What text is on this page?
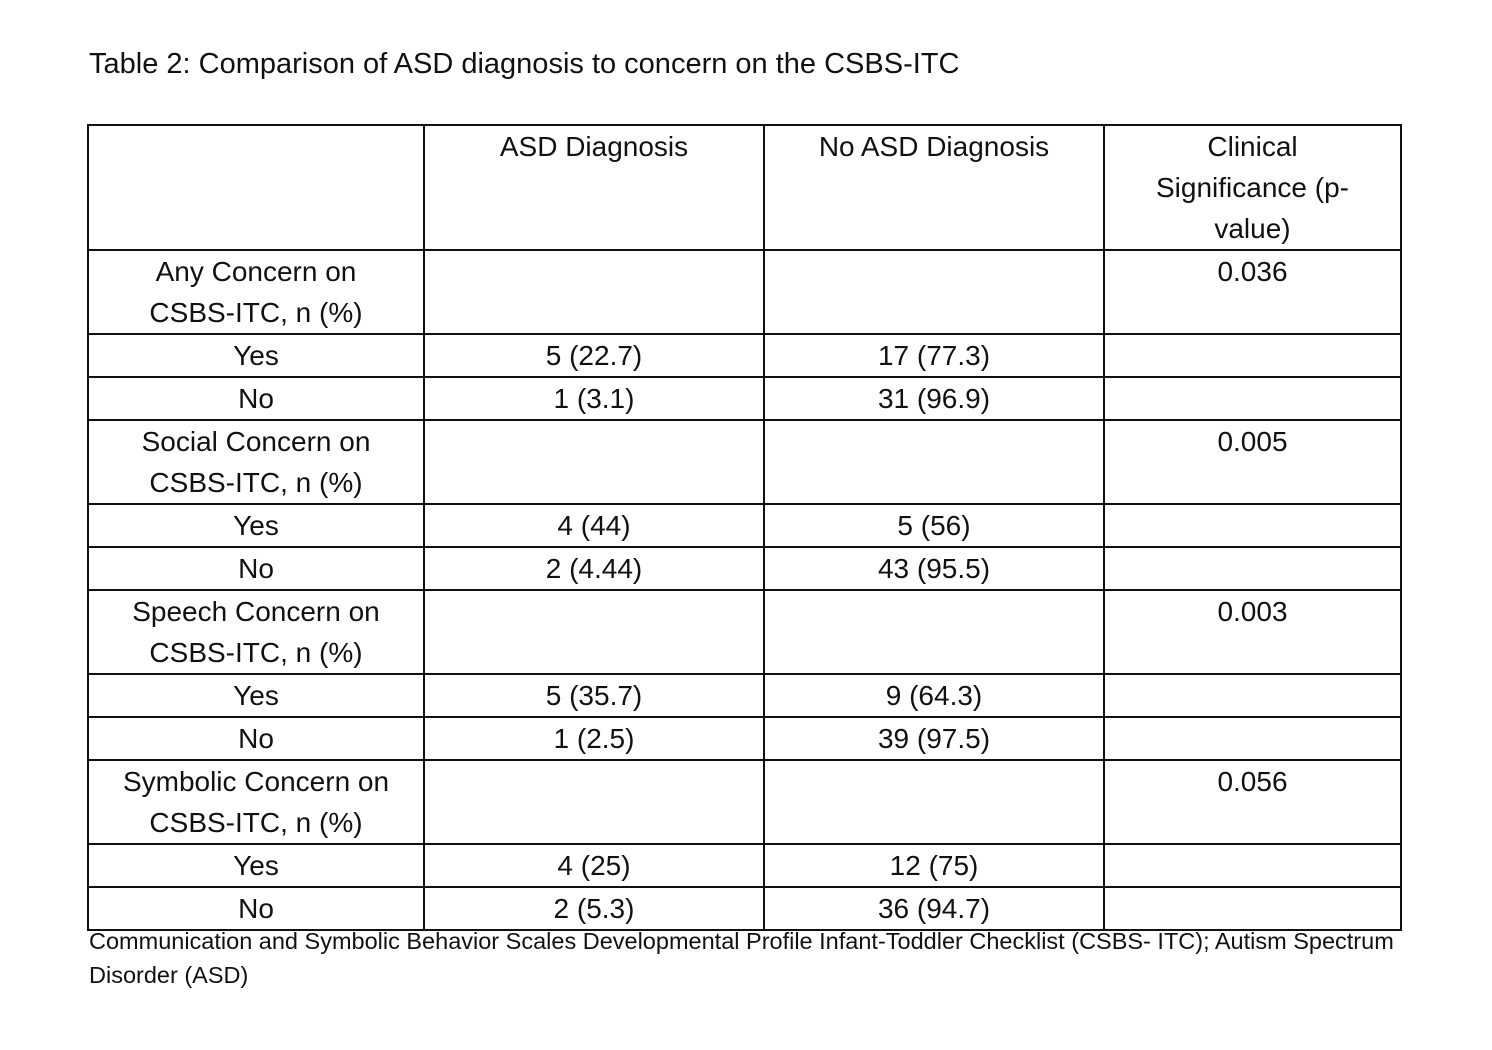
Table 2: Comparison of ASD diagnosis to concern on the CSBS-ITC
	ASD Diagnosis	No ASD Diagnosis	Clinical Significance (p-value)
Any Concern on CSBS-ITC, n (%)			0.036
Yes	5 (22.7)	17 (77.3)	
No	1 (3.1)	31 (96.9)	
Social Concern on CSBS-ITC, n (%)			0.005
Yes	4 (44)	5 (56)	
No	2 (4.44)	43 (95.5)	
Speech Concern on CSBS-ITC, n (%)			0.003
Yes	5 (35.7)	9 (64.3)	
No	1 (2.5)	39 (97.5)	
Symbolic Concern on CSBS-ITC, n (%)			0.056
Yes	4 (25)	12 (75)	
No	2 (5.3)	36 (94.7)	
Communication and Symbolic Behavior Scales Developmental Profile Infant-Toddler Checklist (CSBS- ITC); Autism Spectrum Disorder (ASD)
